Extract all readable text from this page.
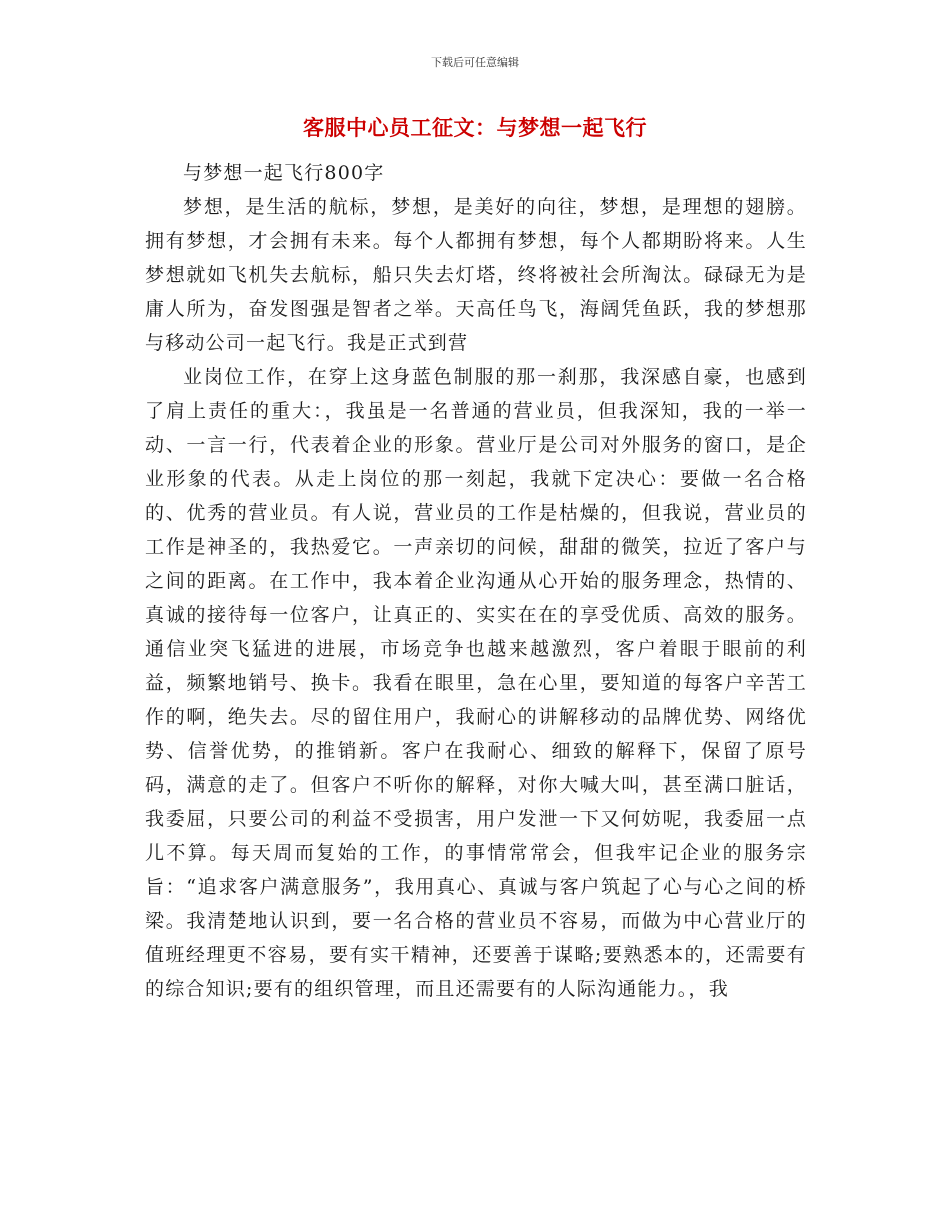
下载后可任意编辑
客服中心员工征文：与梦想一起飞行

与梦想一起飞行800字

梦想，是生活的航标，梦想，是美好的向往，梦想，是理想的翅膀。拥有梦想，才会拥有未来。每个人都拥有梦想，每个人都期盼将来。人生梦想就如飞机失去航标，船只失去灯塔，终将被社会所淘汰。碌碌无为是庸人所为，奋发图强是智者之举。天高任鸟飞，海阔凭鱼跃，我的梦想那与移动公司一起飞行。我是正式到营

业岗位工作，在穿上这身蓝色制服的那一刹那，我深感自豪，也感到了肩上责任的重大：，我虽是一名普通的营业员，但我深知，我的一举一动、一言一行，代表着企业的形象。营业厅是公司对外服务的窗口，是企业形象的代表。从走上岗位的那一刻起，我就下定决心：要做一名合格的、优秀的营业员。有人说，营业员的工作是枯燥的，但我说，营业员的工作是神圣的，我热爱它。一声亲切的问候，甜甜的微笑，拉近了客户与之间的距离。在工作中，我本着企业沟通从心开始的服务理念，热情的、真诚的接待每一位客户，让真正的、实实在在的享受优质、高效的服务。通信业突飞猛进的进展，市场竞争也越来越激烈，客户着眼于眼前的利益，频繁地销号、换卡。我看在眼里，急在心里，要知道的每客户辛苦工作的啊，绝失去。尽的留住用户，我耐心的讲解移动的品牌优势、网络优势、信誉优势，的推销新。客户在我耐心、细致的解释下，保留了原号码，满意的走了。但客户不听你的解释，对你大喊大叫，甚至满口脏话，我委屈，只要公司的利益不受损害，用户发泄一下又何妨呢，我委屈一点儿不算。每天周而复始的工作，的事情常常会，但我牢记企业的服务宗旨：“追求客户满意服务”，我用真心、真诚与客户筑起了心与心之间的桥梁。我清楚地认识到，要一名合格的营业员不容易，而做为中心营业厅的值班经理更不容易，要有实干精神，还要善于谋略;要熟悉本的，还需要有的综合知识;要有的组织管理，而且还需要有的人际沟通能力。，我
